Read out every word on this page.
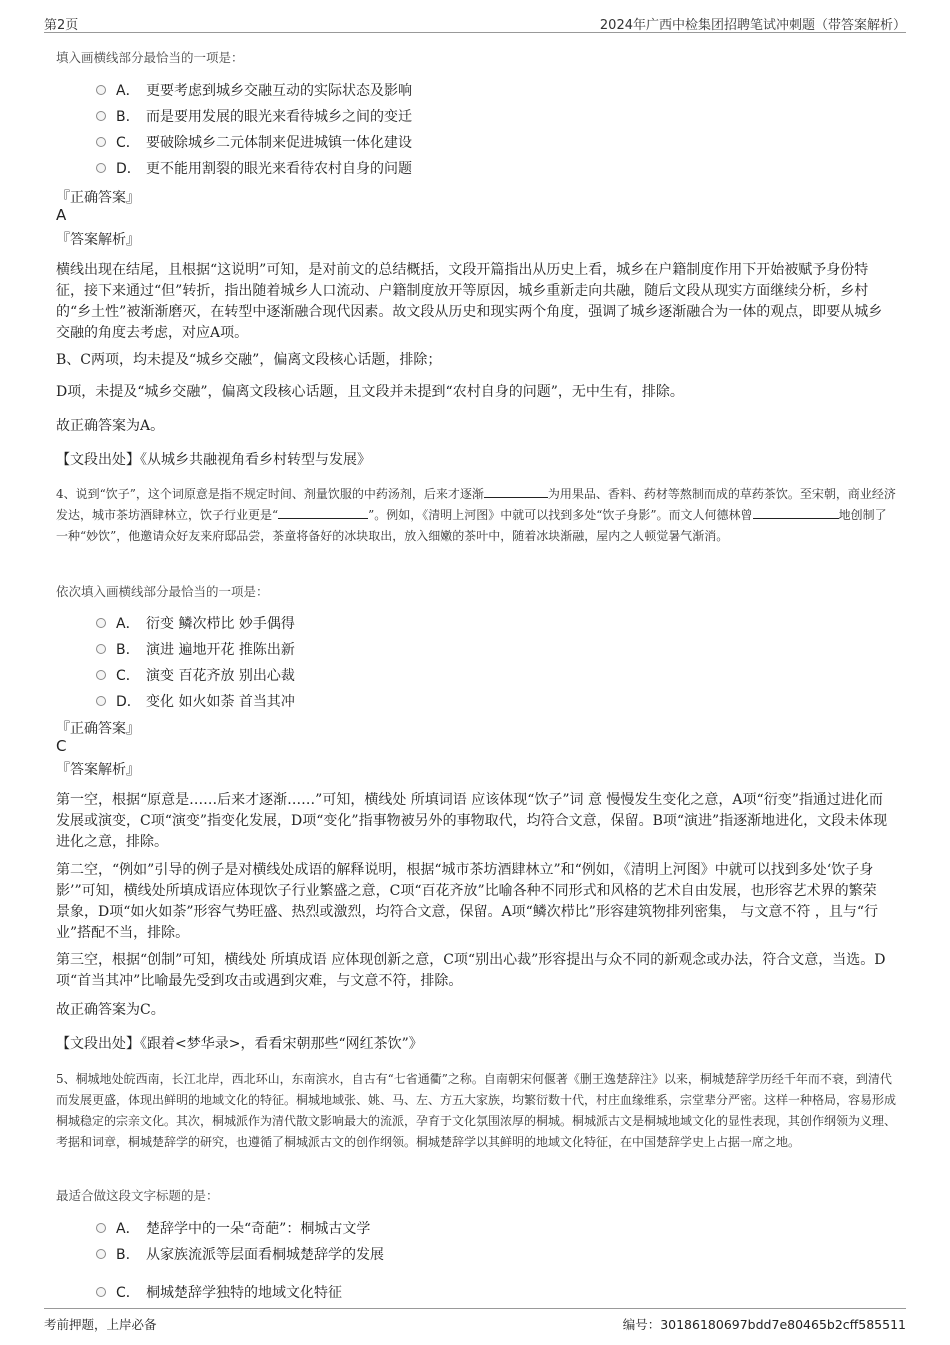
第2页	2024年广西中检集团招聘笔试冲刺题（带答案解析）
填入画横线部分最恰当的一项是：
A． 更要考虑到城乡交融互动的实际状态及影响
B. 而是要用发展的眼光来看待城乡之间的变迁
C． 要破除城乡二元体制来促进城镇一体化建设
D． 更不能用割裂的眼光来看待农村自身的问题
『正确答案』
A
『答案解析』
横线出现在结尾，且根据“这说明”可知，是对前文的总结概括，文段开篇指出从历史上看，城乡在户籍制度作用下开始被赋予身份特征，接下来通过“但”转折，指出随着城乡人口流动、户籍制度放开等原因，城乡重新走向共融，随后文段从现实方面继续分析，乡村的“乡土性”被渐渐磨灭，在转型中逐渐融合现代因素。故文段从历史和现实两个角度，强调了城乡逐渐融合为一体的观点，即要从城乡交融的角度去考虑，对应A项。
B、C两项，均未提及“城乡交融”，偏离文段核心话题，排除；
D项，未提及“城乡交融”，偏离文段核心话题，且文段并未提到“农村自身的问题”，无中生有，排除。
故正确答案为A。
【文段出处】《从城乡共融视角看乡村转型与发展》
4、说到“饮子”，这个词原意是指不规定时间、剂量饮服的中药汤剂，后来才逐渐	为用果品、香料、药材等熬制而成的草药茶饮。至宋朝，商业经济发达，城市茶坊酒肆林立，饮子行业更是“	”。例如，《清明上河图》中就可以找到多处“饮子身影”。而文人何德林曾	地创制了一种“妙饮”，他邀请众好友来府邸品尝，茶童将备好的冰块取出，放入细嫩的茶叶中，随着冰块渐融，屋内之人顿觉暑气渐消。
依次填入画横线部分最恰当的一项是：
A． 衍变 鳞次栉比 妙手偶得
B. 演进 遍地开花 推陈出新
C． 演变 百花齐放 别出心裁
D． 变化 如火如荼 首当其冲
『正确答案』
C
『答案解析』
第一空，根据“原意是……后来才逐渐……”可知，横线处 所填词语 应该体现“饮子”词 意 慢慢发生变化之意，A项“衍变”指通过进化而发展或演变，C项“演变”指变化发展，D项“变化”指事物被另外的事物取代，均符合文意，保留。B项“演进”指逐渐地进化，文段未体现进化之意，排除。
第二空，“例如”引导的例子是对横线处成语的解释说明，根据“城市茶坊酒肆林立”和“例如，《清明上河图》中就可以找到多处‘饮子身影’”可知，横线处所填成语应体现饮子行业繁盛之意，C项“百花齐放”比喻各种不同形式和风格的艺术自由发展，也形容艺术界的繁荣景象，D项“如火如荼”形容气势旺盛、热烈或激烈，均符合文意，保留。A项“鳞次栉比”形容建筑物排列密集， 与文意不符 ，且与“行业”搭配不当，排除。
第三空，根据“创制”可知，横线处 所填成语 应体现创新之意，C项“别出心裁”形容提出与众不同的新观念或办法，符合文意，当选。D项“首当其冲”比喻最先受到攻击或遇到灾难，与文意不符，排除。
故正确答案为C。
【文段出处】《跟着<梦华录>，看看宋朝那些“网红茶饮”》
5、桐城地处皖西南，长江北岸，西北环山，东南滨水，自古有“七省通衢”之称。自南朝宋何偃著《删王逸楚辞注》以来，桐城楚辞学历经千年而不衰，到清代而发展更盛，体现出鲜明的地域文化的特征。桐城地域张、姚、马、左、方五大家族，均繁衍数十代，村庄血缘维系，宗堂辈分严密。这样一种格局，容易形成桐城稳定的宗亲文化。其次，桐城派作为清代散文影响最大的流派，孕育于文化氛围浓厚的桐城。桐城派古文是桐城地域文化的显性表现，其创作纲领为义理、考据和词章，桐城楚辞学的研究，也遵循了桐城派古文的创作纲领。桐城楚辞学以其鲜明的地域文化特征，在中国楚辞学史上占据一席之地。
最适合做这段文字标题的是：
A． 楚辞学中的一朵“奇葩”：桐城古文学
B. 从家族流派等层面看桐城楚辞学的发展
C． 桐城楚辞学独特的地域文化特征
考前押题，上岸必备	编号：30186180697bdd7e80465b2cff585511
